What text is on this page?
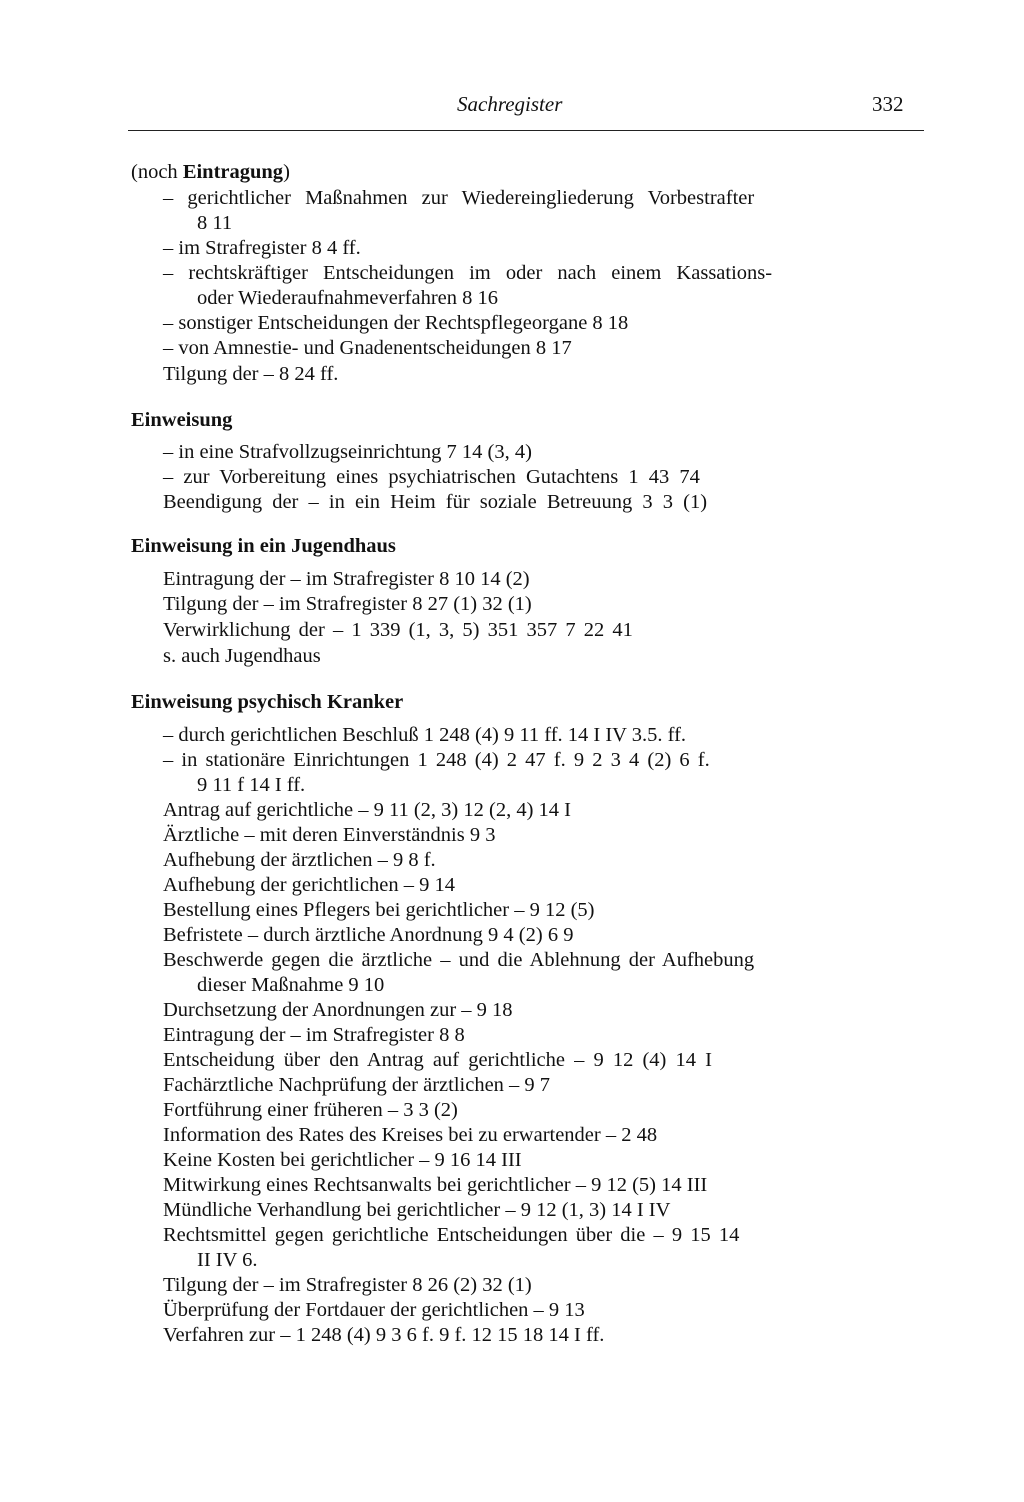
Sachregister	332
(noch Eintragung)
– gerichtlicher Maßnahmen zur Wiedereingliederung Vorbestrafter
8 11
– im Strafregister 8 4 ff.
– rechtskräftiger Entscheidungen im oder nach einem Kassations-
oder Wiederaufnahmeverfahren 8 16
– sonstiger Entscheidungen der Rechtspflegeorgane 8 18
– von Amnestie- und Gnadenentscheidungen 8 17
Tilgung der – 8 24 ff.
Einweisung
– in eine Strafvollzugseinrichtung 7 14 (3, 4)
– zur Vorbereitung eines psychiatrischen Gutachtens 1 43 74
Beendigung der – in ein Heim für soziale Betreuung 3 3 (1)
Einweisung in ein Jugendhaus
Eintragung der – im Strafregister 8 10 14 (2)
Tilgung der – im Strafregister 8 27 (1) 32 (1)
Verwirklichung der – 1 339 (1, 3, 5) 351 357 7 22 41
s. auch Jugendhaus
Einweisung psychisch Kranker
– durch gerichtlichen Beschluß 1 248 (4) 9 11 ff. 14 I IV 3.5. ff.
– in stationäre Einrichtungen 1 248 (4) 2 47 f. 9 2 3 4 (2) 6 f.
9 11 f 14 I ff.
Antrag auf gerichtliche – 9 11 (2, 3) 12 (2, 4) 14 I
Ärztliche – mit deren Einverständnis 9 3
Aufhebung der ärztlichen – 9 8 f.
Aufhebung der gerichtlichen – 9 14
Bestellung eines Pflegers bei gerichtlicher – 9 12 (5)
Befristete – durch ärztliche Anordnung 9 4 (2) 6 9
Beschwerde gegen die ärztliche – und die Ablehnung der Aufhebung
dieser Maßnahme 9 10
Durchsetzung der Anordnungen zur – 9 18
Eintragung der – im Strafregister 8 8
Entscheidung über den Antrag auf gerichtliche – 9 12 (4) 14 I
Fachärztliche Nachprüfung der ärztlichen – 9 7
Fortführung einer früheren – 3 3 (2)
Information des Rates des Kreises bei zu erwartender – 2 48
Keine Kosten bei gerichtlicher – 9 16 14 III
Mitwirkung eines Rechtsanwalts bei gerichtlicher – 9 12 (5) 14 III
Mündliche Verhandlung bei gerichtlicher – 9 12 (1, 3) 14 I IV
Rechtsmittel gegen gerichtliche Entscheidungen über die – 9 15 14
II IV 6.
Tilgung der – im Strafregister 8 26 (2) 32 (1)
Überprüfung der Fortdauer der gerichtlichen – 9 13
Verfahren zur – 1 248 (4) 9 3 6 f. 9 f. 12 15 18 14 I ff.
